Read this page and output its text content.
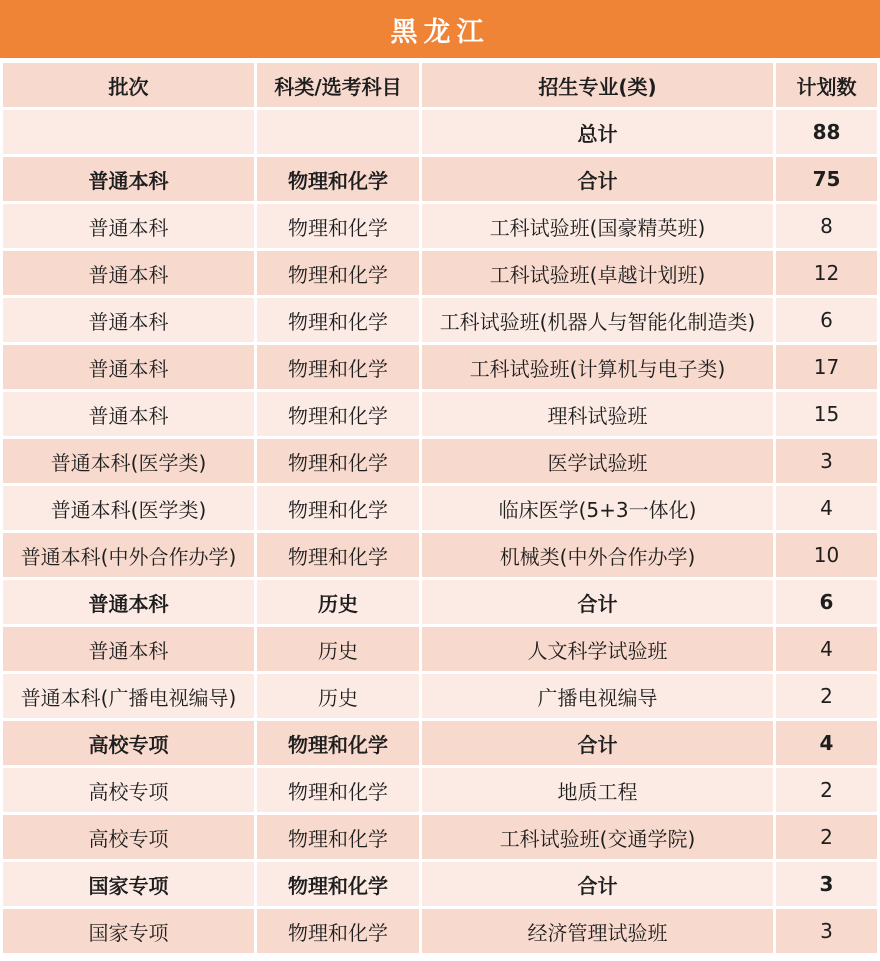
黑龙江
批次	科类/选考科目	招生专业(类)	计划数
		总计	88
普通本科	物理和化学	合计	75
普通本科	物理和化学	工科试验班(国豪精英班)	8
普通本科	物理和化学	工科试验班(卓越计划班)	12
普通本科	物理和化学	工科试验班(机器人与智能化制造类)	6
普通本科	物理和化学	工科试验班(计算机与电子类)	17
普通本科	物理和化学	理科试验班	15
普通本科(医学类)	物理和化学	医学试验班	3
普通本科(医学类)	物理和化学	临床医学(5+3一体化)	4
普通本科(中外合作办学)	物理和化学	机械类(中外合作办学)	10
普通本科	历史	合计	6
普通本科	历史	人文科学试验班	4
普通本科(广播电视编导)	历史	广播电视编导	2
高校专项	物理和化学	合计	4
高校专项	物理和化学	地质工程	2
高校专项	物理和化学	工科试验班(交通学院)	2
国家专项	物理和化学	合计	3
国家专项	物理和化学	经济管理试验班	3
